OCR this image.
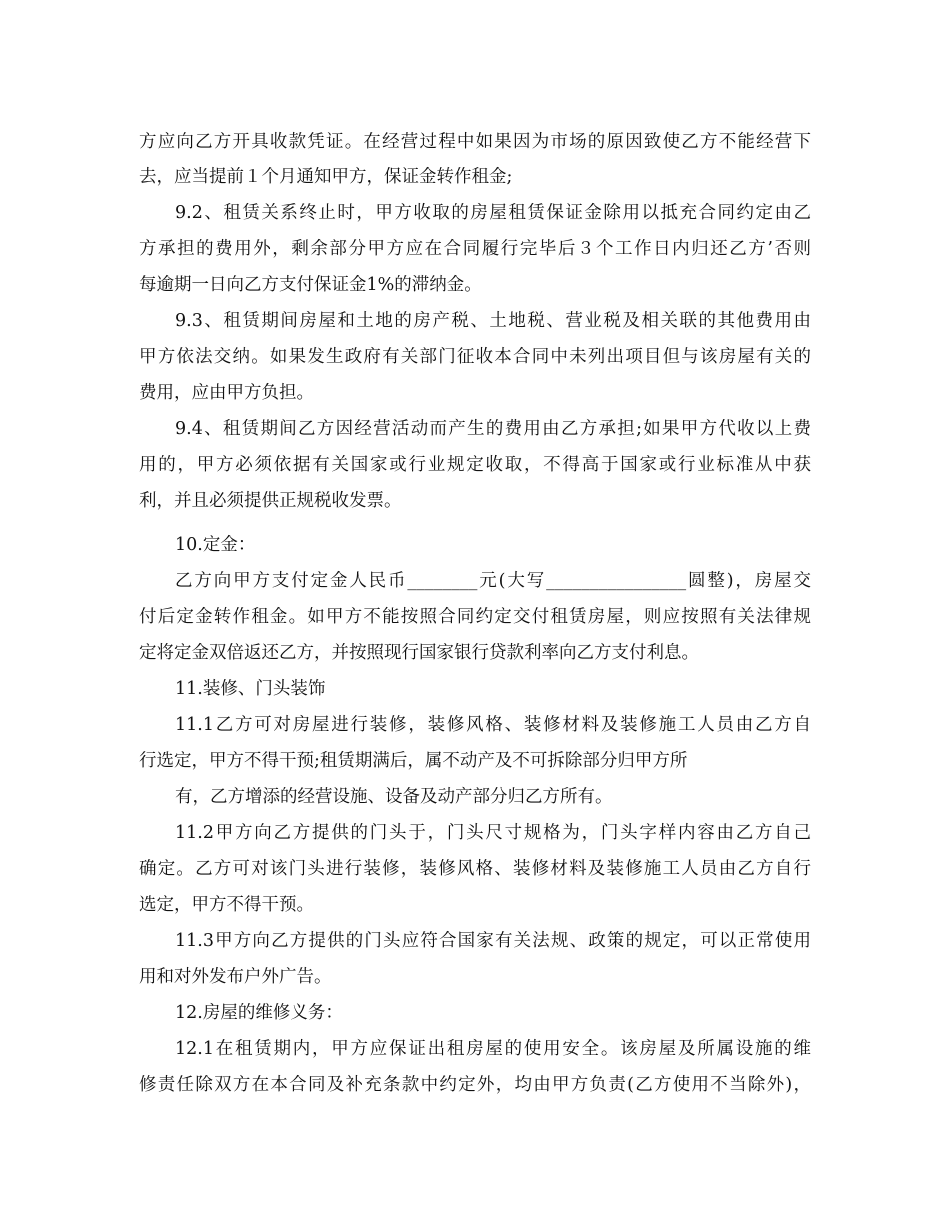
方应向乙方开具收款凭证。在经营过程中如果因为市场的原因致使乙方不能经营下
去，应当提前１个月通知甲方，保证金转作租金;
9.2、租赁关系终止时，甲方收取的房屋租赁保证金除用以抵充合同约定由乙
方承担的费用外，剩余部分甲方应在合同履行完毕后３个工作日内归还乙方’否则
每逾期一日向乙方支付保证金1%的滞纳金。
9.3、租赁期间房屋和土地的房产税、土地税、营业税及相关联的其他费用由
甲方依法交纳。如果发生政府有关部门征收本合同中未列出项目但与该房屋有关的
费用，应由甲方负担。
9.4、租赁期间乙方因经营活动而产生的费用由乙方承担;如果甲方代收以上费
用的，甲方必须依据有关国家或行业规定收取，不得高于国家或行业标准从中获
利，并且必须提供正规税收发票。
10.定金：
乙方向甲方支付定金人民币________元(大写________________圆整)，房屋交
付后定金转作租金。如甲方不能按照合同约定交付租赁房屋，则应按照有关法律规
定将定金双倍返还乙方，并按照现行国家银行贷款利率向乙方支付利息。
11.装修、门头装饰
11.1乙方可对房屋进行装修，装修风格、装修材料及装修施工人员由乙方自
行选定，甲方不得干预;租赁期满后，属不动产及不可拆除部分归甲方所
有，乙方增添的经营设施、设备及动产部分归乙方所有。
11.2甲方向乙方提供的门头于，门头尺寸规格为，门头字样内容由乙方自己
确定。乙方可对该门头进行装修，装修风格、装修材料及装修施工人员由乙方自行
选定，甲方不得干预。
11.3甲方向乙方提供的门头应符合国家有关法规、政策的规定，可以正常使用
用和对外发布户外广告。
12.房屋的维修义务：
12.1在租赁期内，甲方应保证出租房屋的使用安全。该房屋及所属设施的维
修责任除双方在本合同及补充条款中约定外，均由甲方负责(乙方使用不当除外)，
